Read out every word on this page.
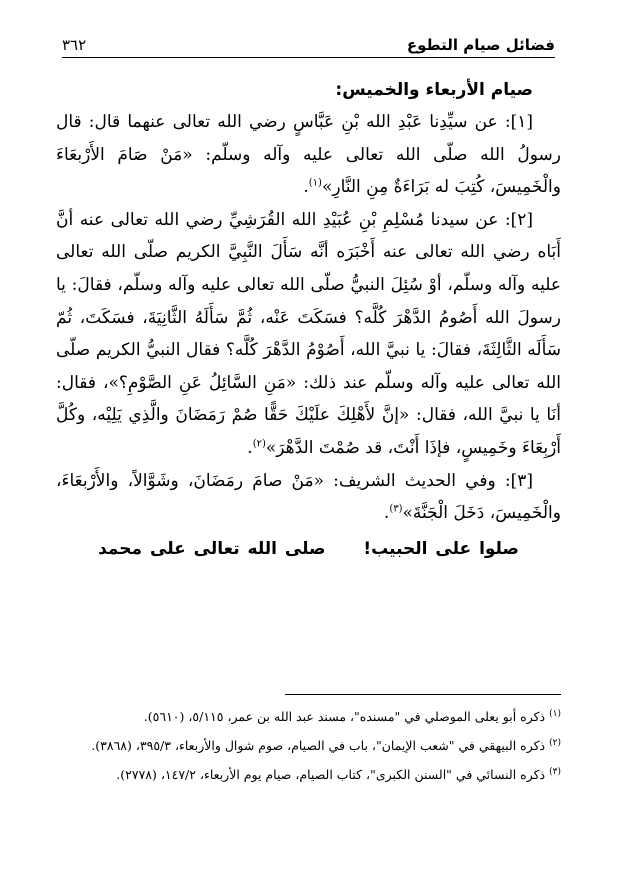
فضائل صيام التطوع
٣٦٢
صيام الأربعاء والخميس:

[١]: عن سيِّدِنا عَبْدِ الله بْنِ عَبَّاسٍ رضي الله تعالى عنهما قال: قال رسولُ الله صلّى الله تعالى عليه وآله وسلّم: «مَنْ صَامَ الأَرْبعَاءَ والْخَمِيسَ، كُتِبَ له بَرَاءَةٌ مِنِ النَّارِ»$^{(١)}$.

[٢]: عن سيدنا مُسْلِمِ بْنِ عُبَيْدِ الله القُرَشِيِّ رضي الله تعالى عنه أنَّ أَبَاه رضي الله تعالى عنه أَخْبَرَه أنَّه سَأَلَ النَّبِيَّ الكريم صلّى الله تعالى عليه وآله وسلّم، أوْ سُئِلَ النبيُّ صلّى الله تعالى عليه وآله وسلّم، فقالَ: يا رسولَ الله أَصُومُ الدَّهْرَ كُلَّه؟ فسَكَتَ عَنْه، ثُمَّ سَأَلَهُ الثَّانِيَةَ، فسَكَتَ، ثُمّ سَأَلَه الثَّالِثَةَ، فقالَ: يا نبيَّ الله، أَصُوْمُ الدَّهْرَ كُلَّه؟ فقال النبيُّ الكريم صلّى الله تعالى عليه وآله وسلّم عند ذلك: «مَنِ السَّائِلُ عَنِ الصَّوْمِ؟»، فقال: أنَا يا نبيَّ الله، فقال: «إنَّ لأَهْلِكَ علَيْكَ حَقًّا صُمْ رَمَضَانَ والَّذِي يَلِيْه، وكُلَّ أَرْبِعَاءَ وخَمِيسٍ، فإذَا أَنْتَ، قد صُمْتَ الدَّهْرَ»$^{(٢)}$.

[٣]: وفي الحديث الشريف: «مَنْ صامَ رمَضَانَ، وشَوَّالاً، والأَرْبعَاءَ، والْخَمِيسَ، دَخَلَ الْجَنَّةَ»$^{(٣)}$.

صلوا على الحبيب! صلى الله تعالى على محمد

$^{(١)}$ذكره أبو يعلى الموصلي في "مسنده"، مسند عبد الله بن عمر، ٥/١١٥، (٥٦١٠).

$^{(٢)}$ذكره البيهقي في "شعب الإيمان"، باب في الصيام، صوم شوال والأربعاء، ٣٩٥/٣، (٣٨٦٨).

$^{(٣)}$ذكره النسائي في "السنن الكبرى"، كتاب الصيام، صيام يوم الأربعاء، ١٤٧/٢، (٢٧٧٨).
